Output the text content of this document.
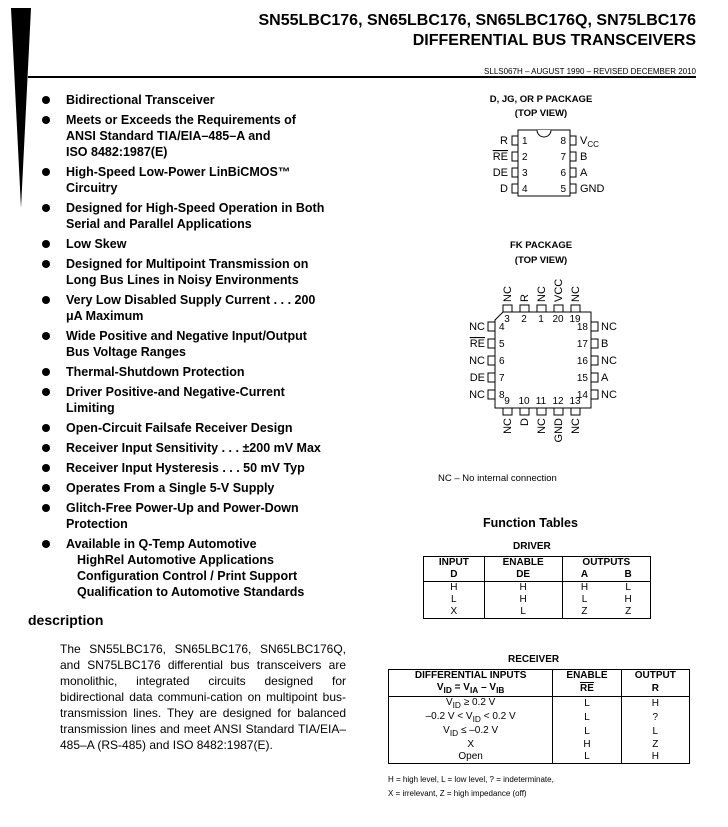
SN55LBC176, SN65LBC176, SN65LBC176Q, SN75LBC176
DIFFERENTIAL BUS TRANSCEIVERS
SLLS067H – AUGUST 1990 – REVISED DECEMBER 2010
Bidirectional Transceiver
Meets or Exceeds the Requirements of
ANSI Standard TIA/EIA–485–A and
ISO 8482:1987(E)
High-Speed Low-Power LinBiCMOS™
Circuitry
Designed for High-Speed Operation in Both
Serial and Parallel Applications
Low Skew
Designed for Multipoint Transmission on
Long Bus Lines in Noisy Environments
Very Low Disabled Supply Current . . . 200
μA Maximum
Wide Positive and Negative Input/Output
Bus Voltage Ranges
Thermal-Shutdown Protection
Driver Positive-and Negative-Current
Limiting
Open-Circuit Failsafe Receiver Design
Receiver Input Sensitivity . . . ±200 mV Max
Receiver Input Hysteresis . . . 50 mV Typ
Operates From a Single 5-V Supply
Glitch-Free Power-Up and Power-Down
Protection
Available in Q-Temp Automotive
HighRel Automotive Applications
Configuration Control / Print Support
Qualification to Automotive Standards
description
The SN55LBC176, SN65LBC176, SN65LBC176Q, and SN75LBC176 differential bus transceivers are monolithic, integrated circuits designed for bidirectional data communi-cation on multipoint bus-transmission lines. They are designed for balanced transmission lines and meet ANSI Standard TIA/EIA–485–A (RS-485) and ISO 8482:1987(E).
D, JG, OR P PACKAGE
(TOP VIEW)
R 1
RE 2
DE 3
D 4
8 $V_{CC}$
7 B
6 A
5 GND
FK PACKAGE
(TOP VIEW)
NC
3
R
2
NC
1
VCC
20
NC
19
NC 4
RE 5
NC 6
DE 7
NC 8
18 NC
17 B
16 NC
15 A
14 NC
9
NC
10
D
11
NC
12
GND
13
NC
NC – No internal connection
Function Tables
DRIVER
INPUT	ENABLE	OUTPUTS	
D	DE	A	B
H	H	H	L
L	H	L	H
X	L	Z	Z
RECEIVER
DIFFERENTIAL INPUTS	ENABLE	OUTPUT
$V_{ID} = V_{IA} - V_{IB}$	$\overline{RE}$	R
$V_{ID} \ge 0.2$ V	L	H
–0.2 $V < V_{ID} < 0.2$ V	L	?
$V_{ID} \le -0.2$ V	L	L
X	H	Z
Open	L	H
H = high level, L = low level, ? = indeterminate,
X = irrelevant, Z = high impedance (off)
